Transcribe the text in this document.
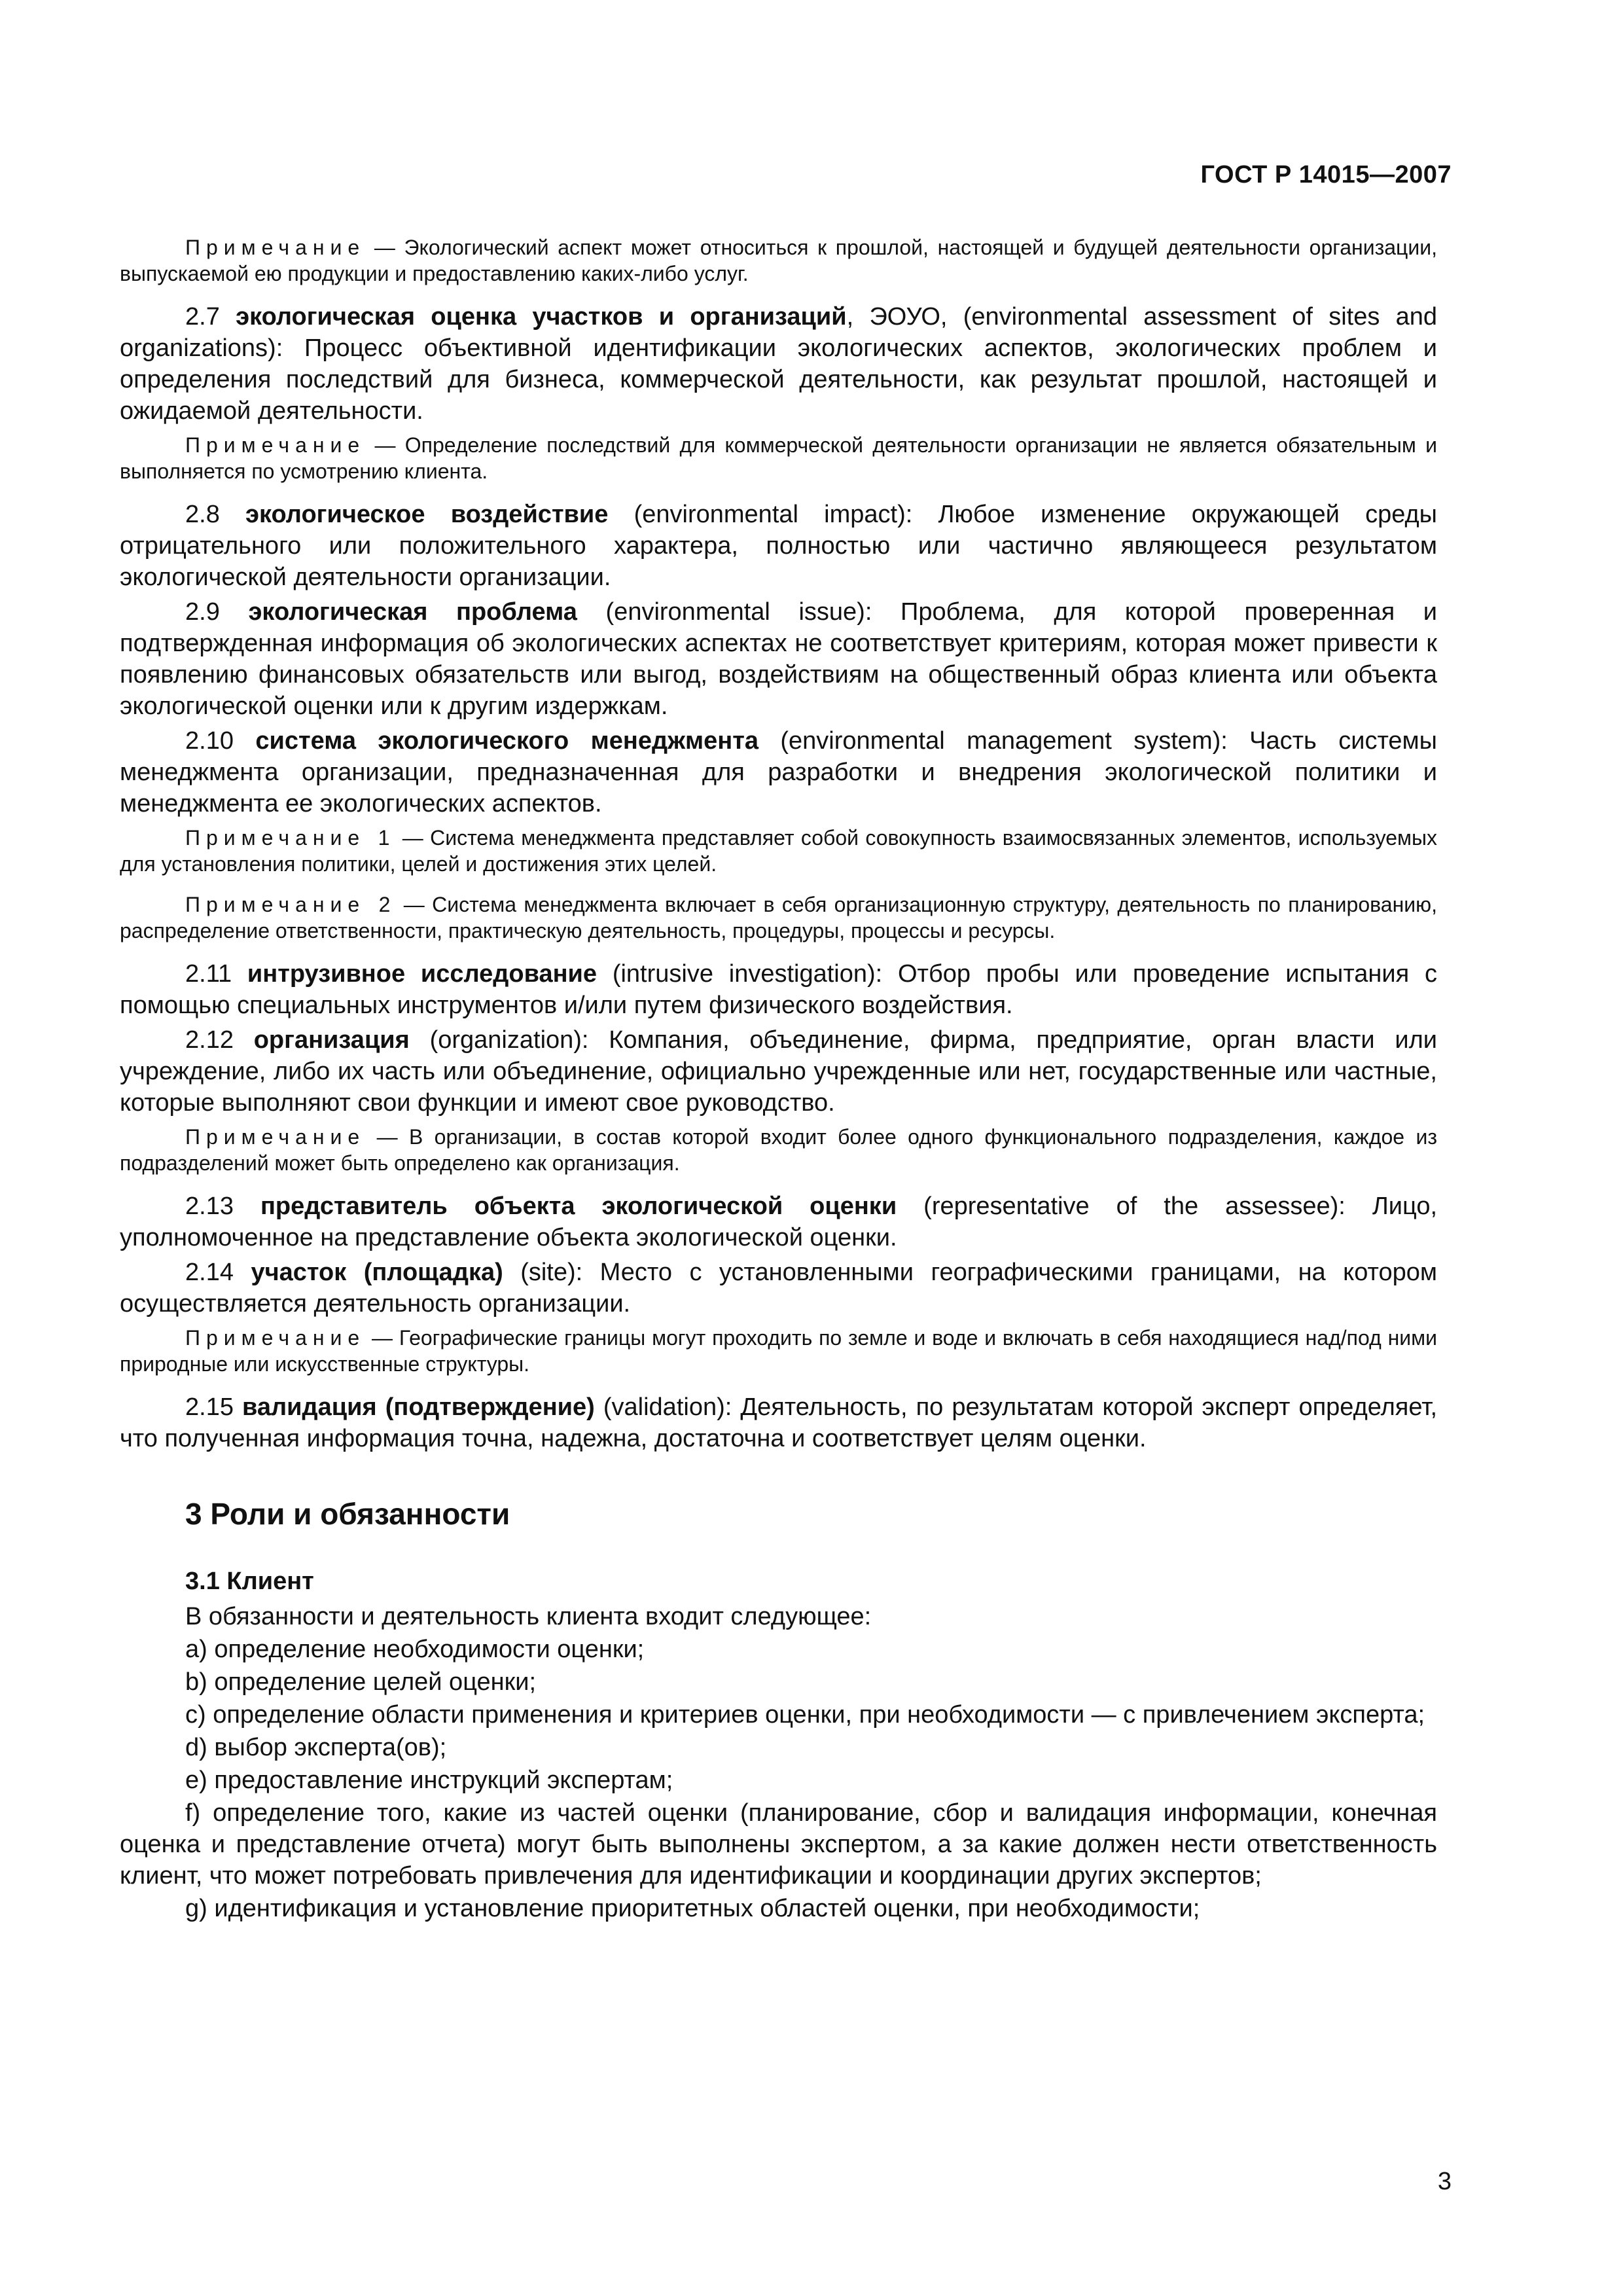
ГОСТ Р 14015—2007

Примечание — Экологический аспект может относиться к прошлой, настоящей и будущей деятельности организации, выпускаемой ею продукции и предоставлению каких-либо услуг.

2.7 экологическая оценка участков и организаций, ЭОУО, (environmental assessment of sites and organizations): Процесс объективной идентификации экологических аспектов, экологических проблем и определения последствий для бизнеса, коммерческой деятельности, как результат прошлой, настоящей и ожидаемой деятельности.

Примечание — Определение последствий для коммерческой деятельности организации не является обязательным и выполняется по усмотрению клиента.

2.8 экологическое воздействие (environmental impact): Любое изменение окружающей среды отрицательного или положительного характера, полностью или частично являющееся результатом экологической деятельности организации.

2.9 экологическая проблема (environmental issue): Проблема, для которой проверенная и подтвержденная информация об экологических аспектах не соответствует критериям, которая может привести к появлению финансовых обязательств или выгод, воздействиям на общественный образ клиента или объекта экологической оценки или к другим издержкам.

2.10 система экологического менеджмента (environmental management system): Часть системы менеджмента организации, предназначенная для разработки и внедрения экологической политики и менеджмента ее экологических аспектов.

Примечание 1 — Система менеджмента представляет собой совокупность взаимосвязанных элементов, используемых для установления политики, целей и достижения этих целей.

Примечание 2 — Система менеджмента включает в себя организационную структуру, деятельность по планированию, распределение ответственности, практическую деятельность, процедуры, процессы и ресурсы.

2.11 интрузивное исследование (intrusive investigation): Отбор пробы или проведение испытания с помощью специальных инструментов и/или путем физического воздействия.

2.12 организация (organization): Компания, объединение, фирма, предприятие, орган власти или учреждение, либо их часть или объединение, официально учрежденные или нет, государственные или частные, которые выполняют свои функции и имеют свое руководство.

Примечание — В организации, в состав которой входит более одного функционального подразделения, каждое из подразделений может быть определено как организация.

2.13 представитель объекта экологической оценки (representative of the assessee): Лицо, уполномоченное на представление объекта экологической оценки.

2.14 участок (площадка) (site): Место с установленными географическими границами, на котором осуществляется деятельность организации.

Примечание — Географические границы могут проходить по земле и воде и включать в себя находящиеся над/под ними природные или искусственные структуры.

2.15 валидация (подтверждение) (validation): Деятельность, по результатам которой эксперт определяет, что полученная информация точна, надежна, достаточна и соответствует целям оценки.

3 Роли и обязанности
3.1 Клиент

В обязанности и деятельность клиента входит следующее:

a) определение необходимости оценки;

b) определение целей оценки;

c) определение области применения и критериев оценки, при необходимости — с привлечением эксперта;

d) выбор эксперта(ов);

e) предоставление инструкций экспертам;

f) определение того, какие из частей оценки (планирование, сбор и валидация информации, конечная оценка и представление отчета) могут быть выполнены экспертом, а за какие должен нести ответственность клиент, что может потребовать привлечения для идентификации и координации других экспертов;

g) идентификация и установление приоритетных областей оценки, при необходимости;

3
